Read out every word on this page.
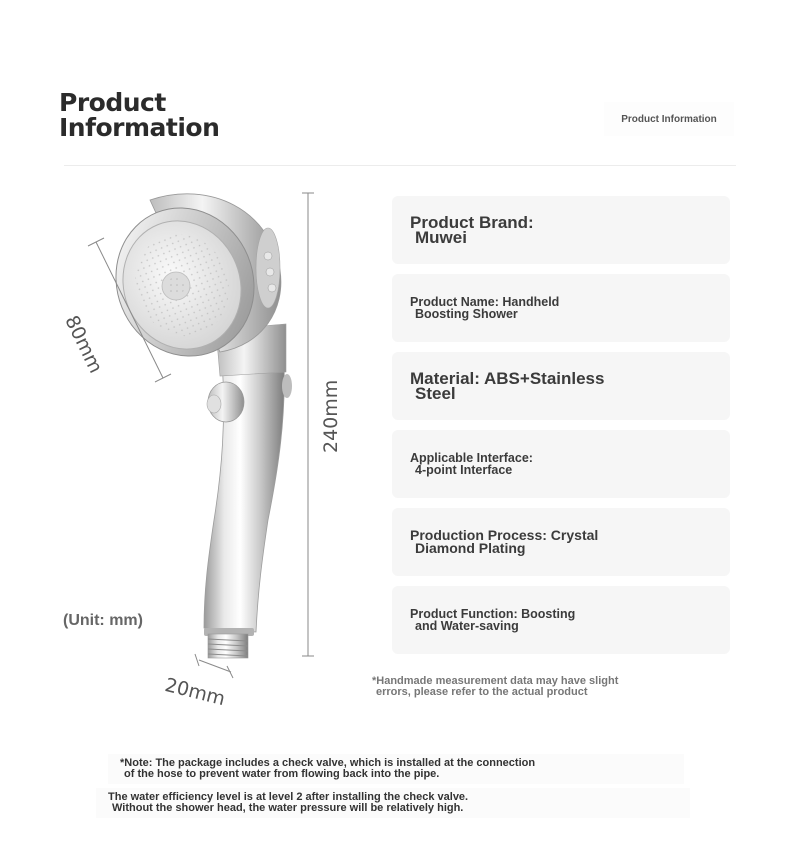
Product
Information	Product Information
80mm
240mm
20mm
(Unit: mm)
Product Brand:
Muwei
Product Name: Handheld
Boosting Shower
Material: ABS+Stainless
Steel
Applicable Interface:
4-point Interface
Production Process: Crystal
Diamond Plating
Product Function: Boosting
and Water-saving
*Handmade measurement data may have slight
errors, please refer to the actual product
*Note: The package includes a check valve, which is installed at the connection
of the hose to prevent water from flowing back into the pipe.
The water efficiency level is at level 2 after installing the check valve.
Without the shower head, the water pressure will be relatively high.
